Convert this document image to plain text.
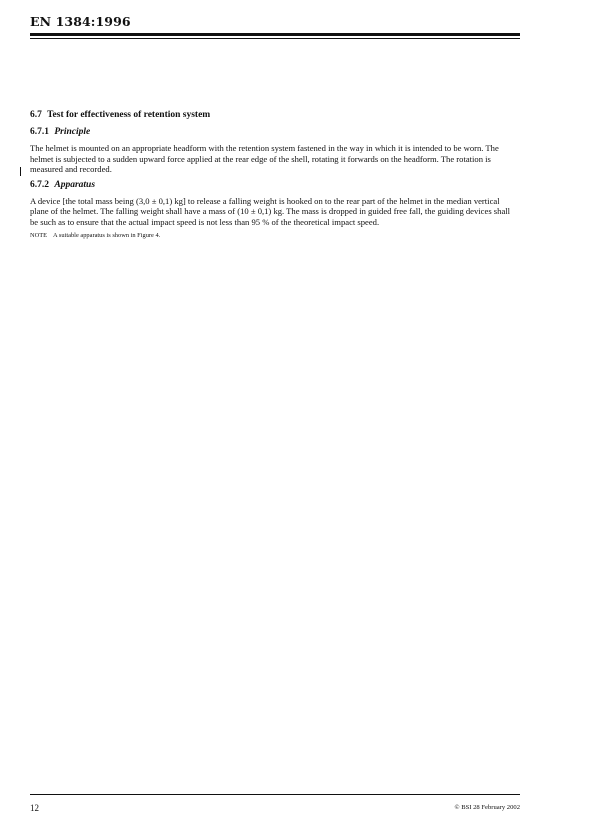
EN 1384:1996
6.7 Test for effectiveness of retention system
6.7.1 Principle

The helmet is mounted on an appropriate headform with the retention system fastened in the way in which it is intended to be worn. The helmet is subjected to a sudden upward force applied at the rear edge of the shell, rotating it forwards on the headform. The rotation is measured and recorded.

6.7.2 Apparatus

A device [the total mass being (3,0 ± 0,1) kg] to release a falling weight is hooked on to the rear part of the helmet in the median vertical plane of the helmet. The falling weight shall have a mass of (10 ± 0,1) kg. The mass is dropped in guided free fall, the guiding devices shall be such as to ensure that the actual impact speed is not less than 95 % of the theoretical impact speed.

NOTE A suitable apparatus is shown in Figure 4.

12	© BSI 28 February 2002
